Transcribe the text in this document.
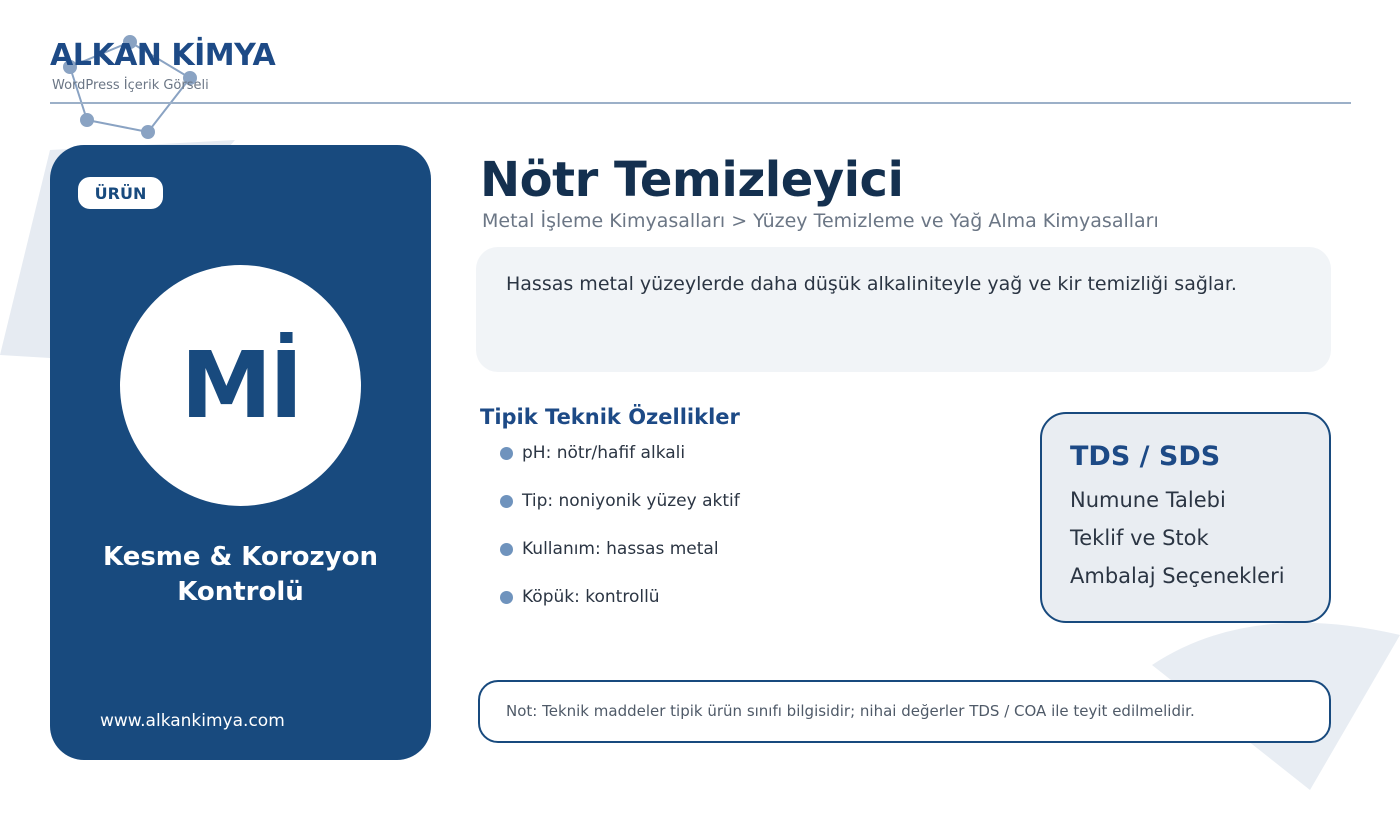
ALKAN KİMYA
WordPress İçerik Görseli
ÜRÜN
Mİ
Kesme & Korozyon Kontrolü
www.alkankimya.com
Nötr Temizleyici
Metal İşleme Kimyasalları > Yüzey Temizleme ve Yağ Alma Kimyasalları
Hassas metal yüzeylerde daha düşük alkaliniteyle yağ ve kir temizliği sağlar.
Tipik Teknik Özellikler
pH: nötr/hafif alkali
Tip: noniyonik yüzey aktif
Kullanım: hassas metal
Köpük: kontrollü
TDS / SDS
Numune Talebi
Teklif ve Stok
Ambalaj Seçenekleri
Not: Teknik maddeler tipik ürün sınıfı bilgisidir; nihai değerler TDS / COA ile teyit edilmelidir.
